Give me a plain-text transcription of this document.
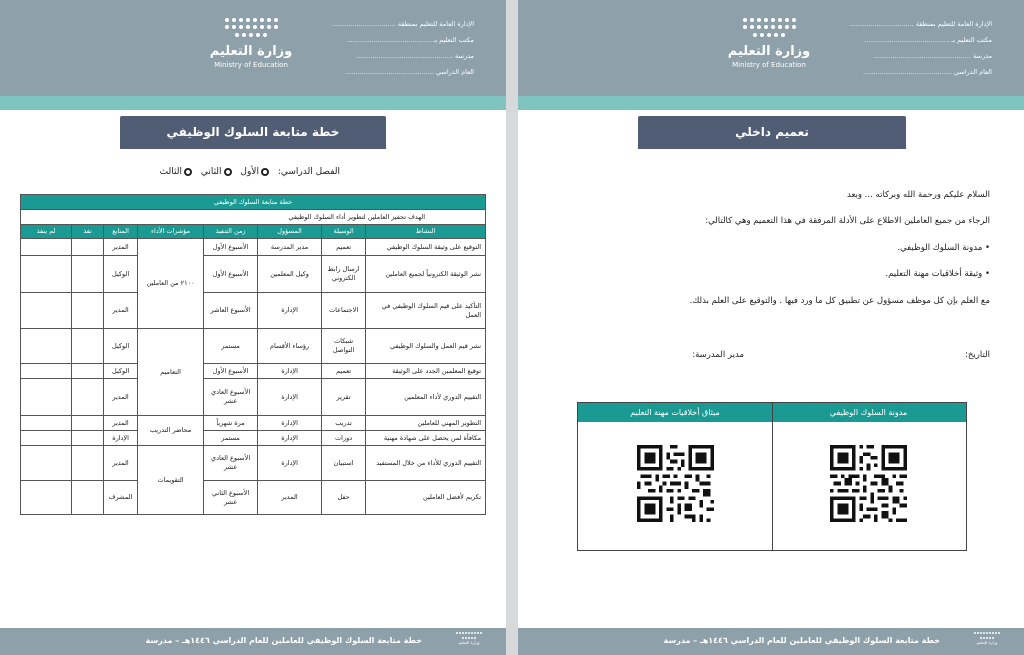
وزارة التعليم
Ministry of Education
الإدارة العامة للتعليم بمنطقة ...............................
مكتب التعليم بـ .........................................
مدرسة ...............................................
العام الدراسي ...........................................
خطة متابعة السلوك الوظيفي
الفصل الدراسي: الأول الثاني الثالث
خطة متابعة السلوك الوظيفي							
الهدف تحفيز العاملين لتطوير أداء السلوك الوظيفي							
النشاط	الوسيلة	المسؤول	زمن التنفيذ	مؤشرات الأداء	المتابع	نفذ	لم ينفذ
التوقيع على وثيقة السلوك الوظيفي	تعميم	مدير المدرسة	الأسبوع الأول	٢١٠٠ من العاملين	المدير		
نشر الوثيقة الكترونياً لجميع العاملين	ارسال رابط الكتروني	وكيل المعلمين	الأسبوع الأول		الوكيل		
التأكيد على قيم السلوك الوظيفي في العمل	الاجتماعات	الإدارة	الأسبوع العاشر		المدير		
نشر قيم العمل والسلوك الوظيفي	شبكات التواصل	رؤساء الأقسام	مستمر	التعاميم	الوكيل		
توقيع المعلمين الجدد على الوثيقة	تعميم	الإدارة	الأسبوع الأول		الوكيل		
التقييم الدوري لأداء المعلمين	تقرير	الإدارة	الأسبوع العادي عشر		المدير		
التطوير المهني للعاملين	تدريب	الإدارة	مرة شهرياً	محاضر التدريب	المدير		
مكافأة لمن يحصل على شهادة مهنية	دورات	الإدارة	مستمر		الإدارة		
التقييم الدوري للأداء من خلال المستفيد	استبيان	الإدارة	الأسبوع العادي عشر	التقويمات	المدير		
تكريم لأفضل العاملين	حفل	المدير	الأسبوع الثاني عشر		المشرف		
خطة متابعة السلوك الوظيفي للعاملين للعام الدراسي ١٤٤٦هـ – مدرسة	وزارة التعليم
وزارة التعليم
Ministry of Education
الإدارة العامة للتعليم بمنطقة ...............................
مكتب التعليم بـ .........................................
مدرسة ...............................................
العام الدراسي ...........................................
تعميم داخلي
السلام عليكم ورحمة الله وبركاته ... وبعد
الرجاء من جميع العاملين الاطلاع على الأدلة المرفقة في هذا التعميم وهي كالتالي:
• مدونة السلوك الوظيفي.
• وثيقة أخلاقيات مهنة التعليم.
مع العلم بإن كل موظف مسؤول عن تطبيق كل ما ورد فيها . والتوقيع على العلم بذلك.
التاريخ:
مدير المدرسة:
مدونة السلوك الوظيفي
ميثاق أخلاقيات مهنة التعليم
خطة متابعة السلوك الوظيفي للعاملين للعام الدراسي ١٤٤٦هـ – مدرسة	وزارة التعليم
